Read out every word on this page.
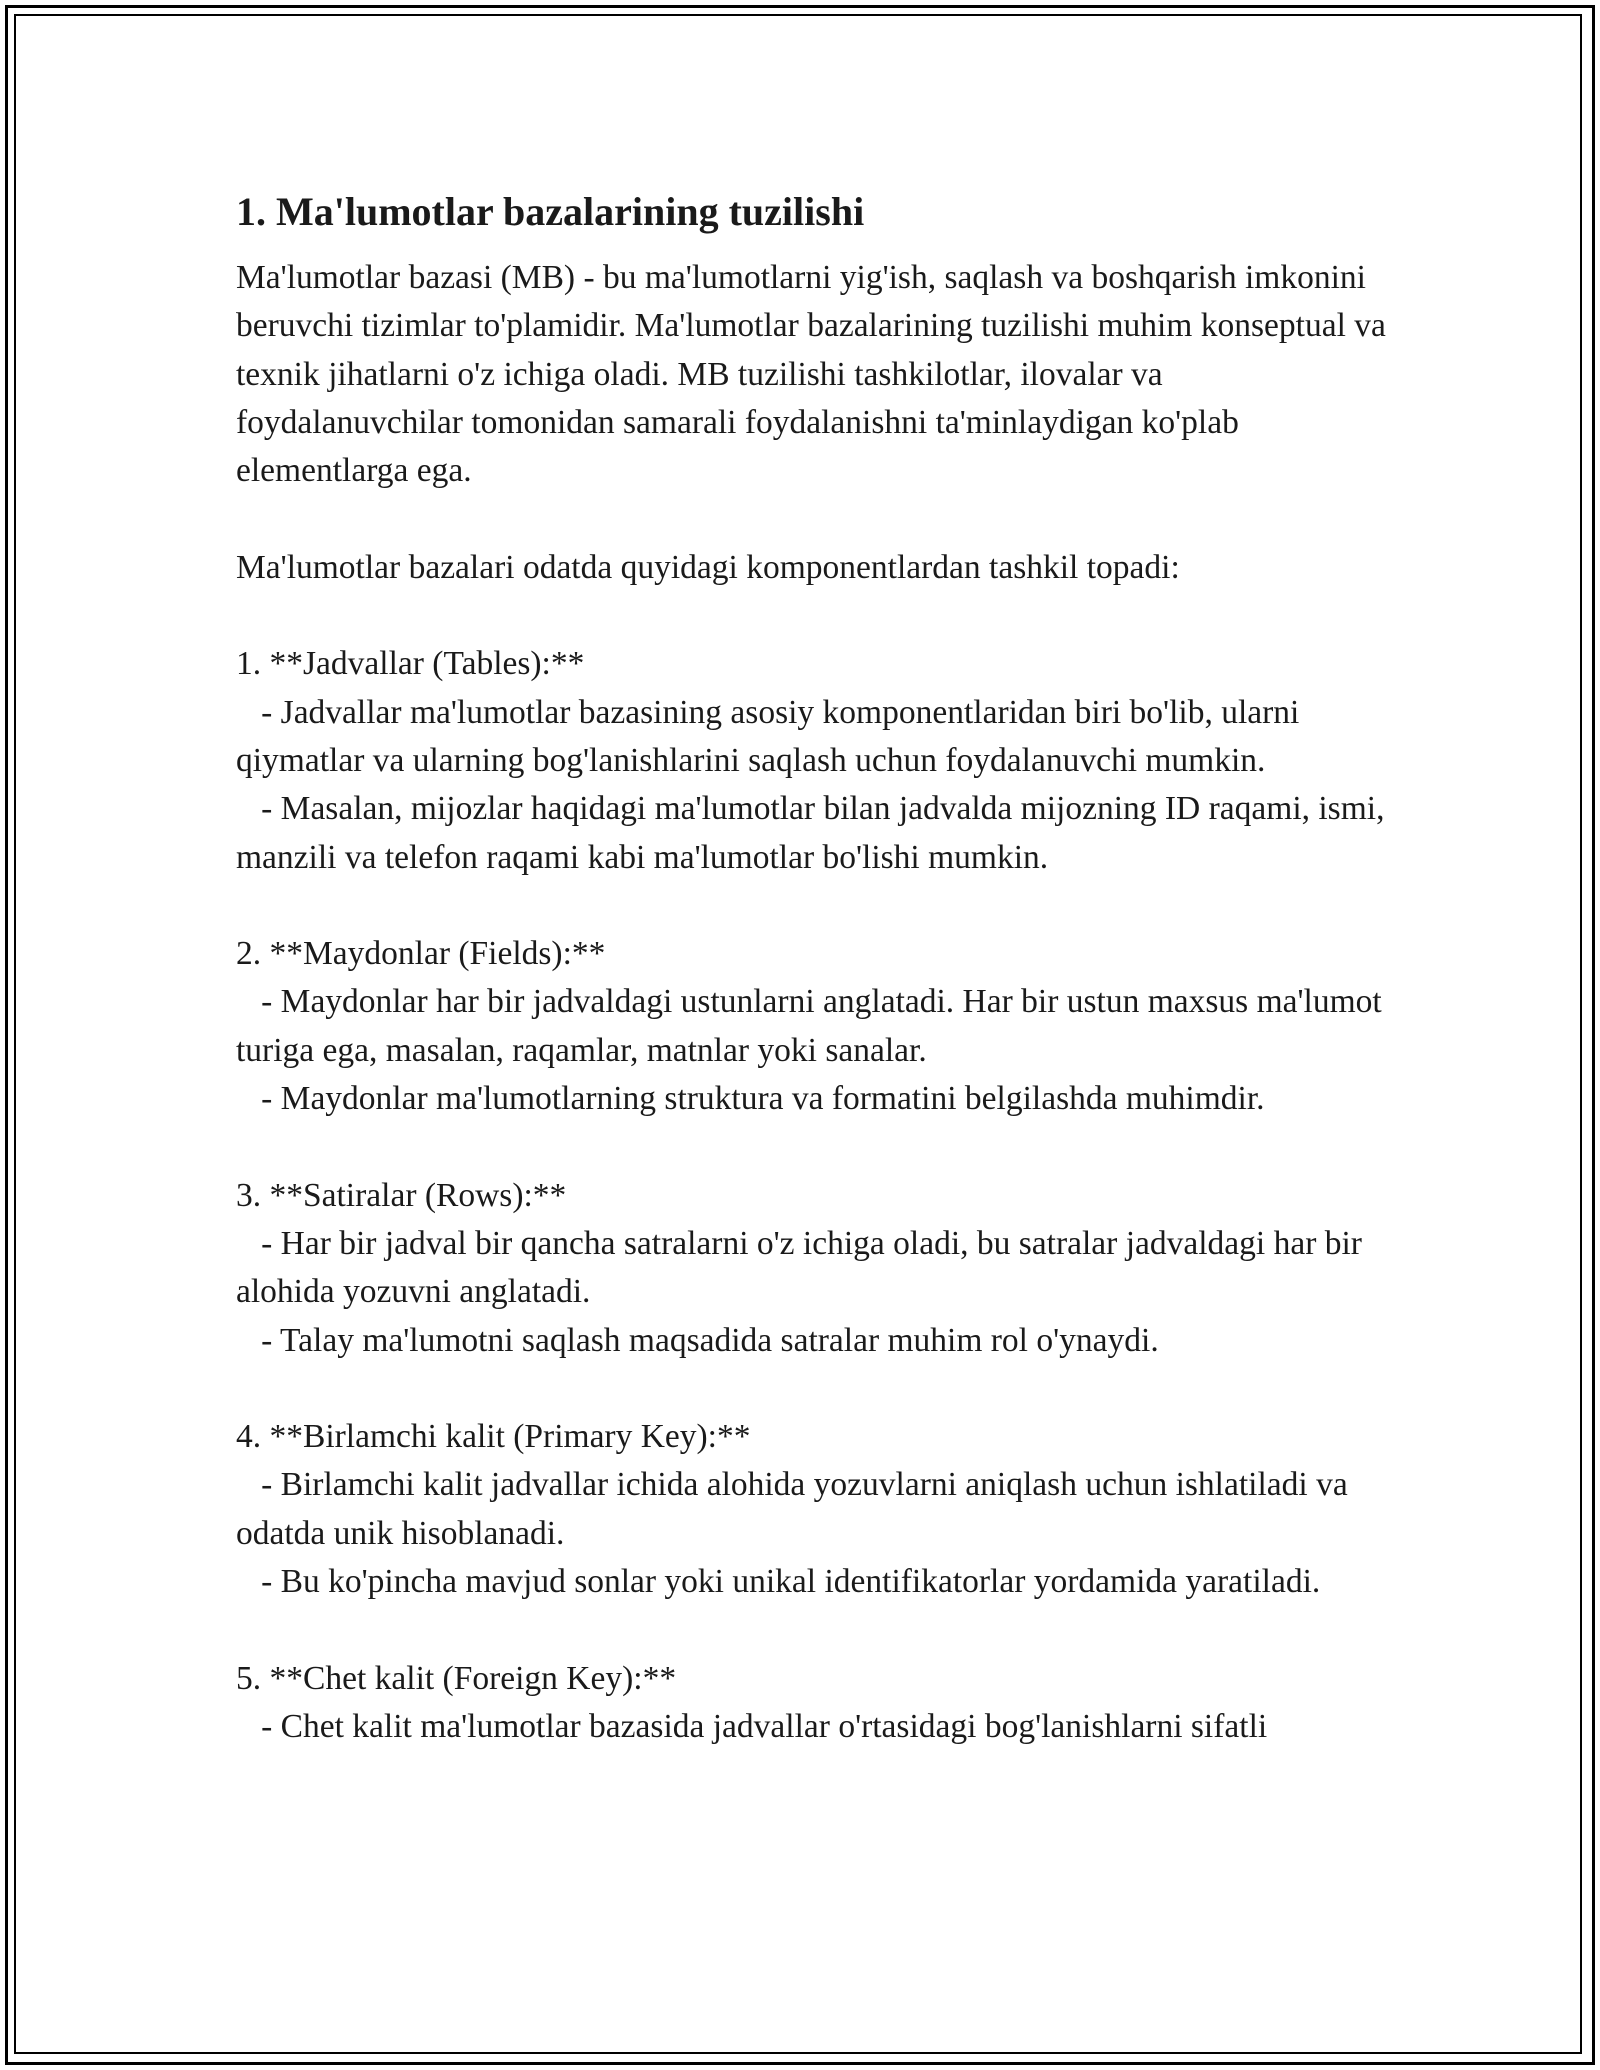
1. Ma'lumotlar bazalarining tuzilishi

Ma'lumotlar bazasi (MB) - bu ma'lumotlarni yig'ish, saqlash va boshqarish imkonini beruvchi tizimlar to'plamidir. Ma'lumotlar bazalarining tuzilishi muhim konseptual va texnik jihatlarni o'z ichiga oladi. MB tuzilishi tashkilotlar, ilovalar va foydalanuvchilar tomonidan samarali foydalanishni ta'minlaydigan ko'plab elementlarga ega.

Ma'lumotlar bazalari odatda quyidagi komponentlardan tashkil topadi:

1. **Jadvallar (Tables):**

- Jadvallar ma'lumotlar bazasining asosiy komponentlaridan biri bo'lib, ularni qiymatlar va ularning bog'lanishlarini saqlash uchun foydalanuvchi mumkin.

- Masalan, mijozlar haqidagi ma'lumotlar bilan jadvalda mijozning ID raqami, ismi, manzili va telefon raqami kabi ma'lumotlar bo'lishi mumkin.

2. **Maydonlar (Fields):**

- Maydonlar har bir jadvaldagi ustunlarni anglatadi. Har bir ustun maxsus ma'lumot turiga ega, masalan, raqamlar, matnlar yoki sanalar.

- Maydonlar ma'lumotlarning struktura va formatini belgilashda muhimdir.

3. **Satiralar (Rows):**

- Har bir jadval bir qancha satralarni o'z ichiga oladi, bu satralar jadvaldagi har bir alohida yozuvni anglatadi.

- Talay ma'lumotni saqlash maqsadida satralar muhim rol o'ynaydi.

4. **Birlamchi kalit (Primary Key):**

- Birlamchi kalit jadvallar ichida alohida yozuvlarni aniqlash uchun ishlatiladi va odatda unik hisoblanadi.

- Bu ko'pincha mavjud sonlar yoki unikal identifikatorlar yordamida yaratiladi.

5. **Chet kalit (Foreign Key):**

- Chet kalit ma'lumotlar bazasida jadvallar o'rtasidagi bog'lanishlarni sifatli
